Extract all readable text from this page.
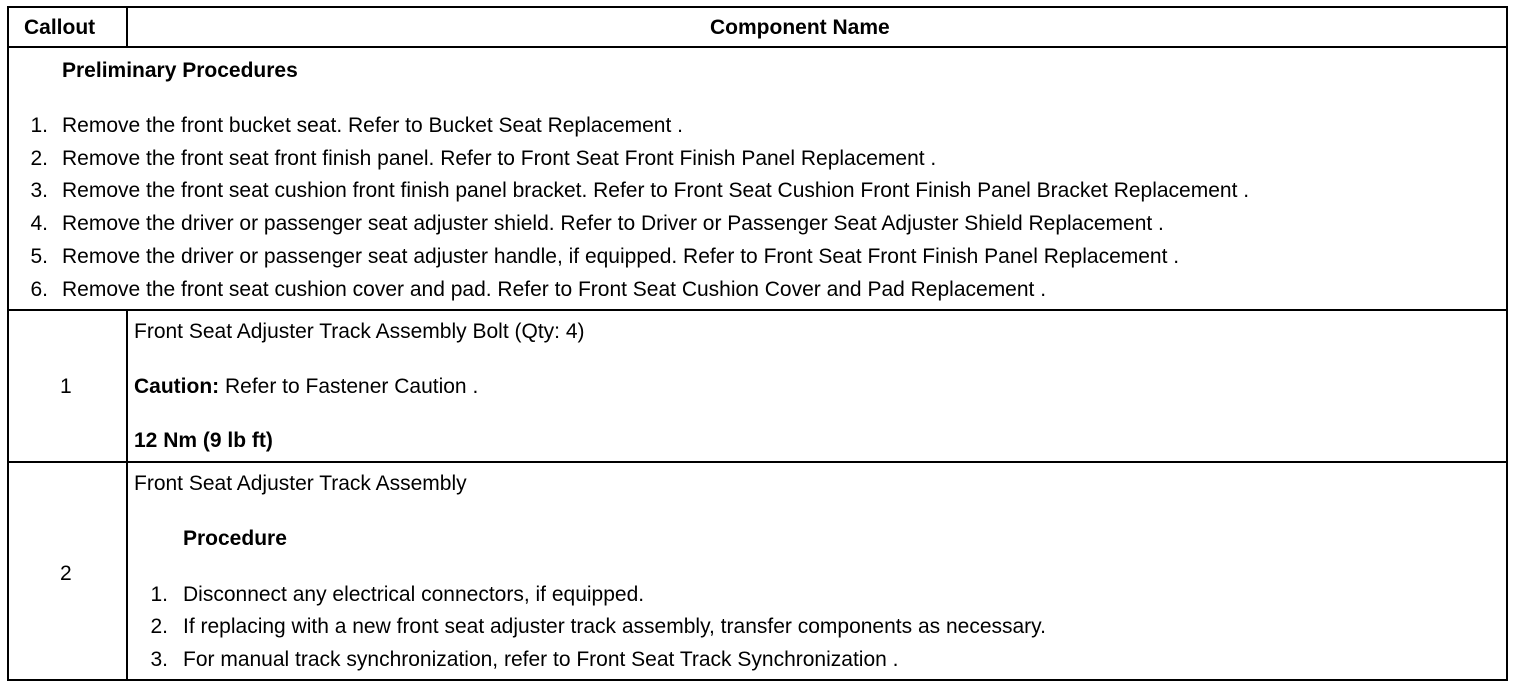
Callout	Component Name
Preliminary Procedures
1. Remove the front bucket seat. Refer to Bucket Seat Replacement .
2. Remove the front seat front finish panel. Refer to Front Seat Front Finish Panel Replacement .
3. Remove the front seat cushion front finish panel bracket. Refer to Front Seat Cushion Front Finish Panel Bracket Replacement .
4. Remove the driver or passenger seat adjuster shield. Refer to Driver or Passenger Seat Adjuster Shield Replacement .
5. Remove the driver or passenger seat adjuster handle, if equipped. Refer to Front Seat Front Finish Panel Replacement .
6. Remove the front seat cushion cover and pad. Refer to Front Seat Cushion Cover and Pad Replacement .
1
Front Seat Adjuster Track Assembly Bolt (Qty: 4)
Caution: Refer to Fastener Caution .
12 Nm (9 lb ft)
2
Front Seat Adjuster Track Assembly
Procedure
1. Disconnect any electrical connectors, if equipped.
2. If replacing with a new front seat adjuster track assembly, transfer components as necessary.
3. For manual track synchronization, refer to Front Seat Track Synchronization .
